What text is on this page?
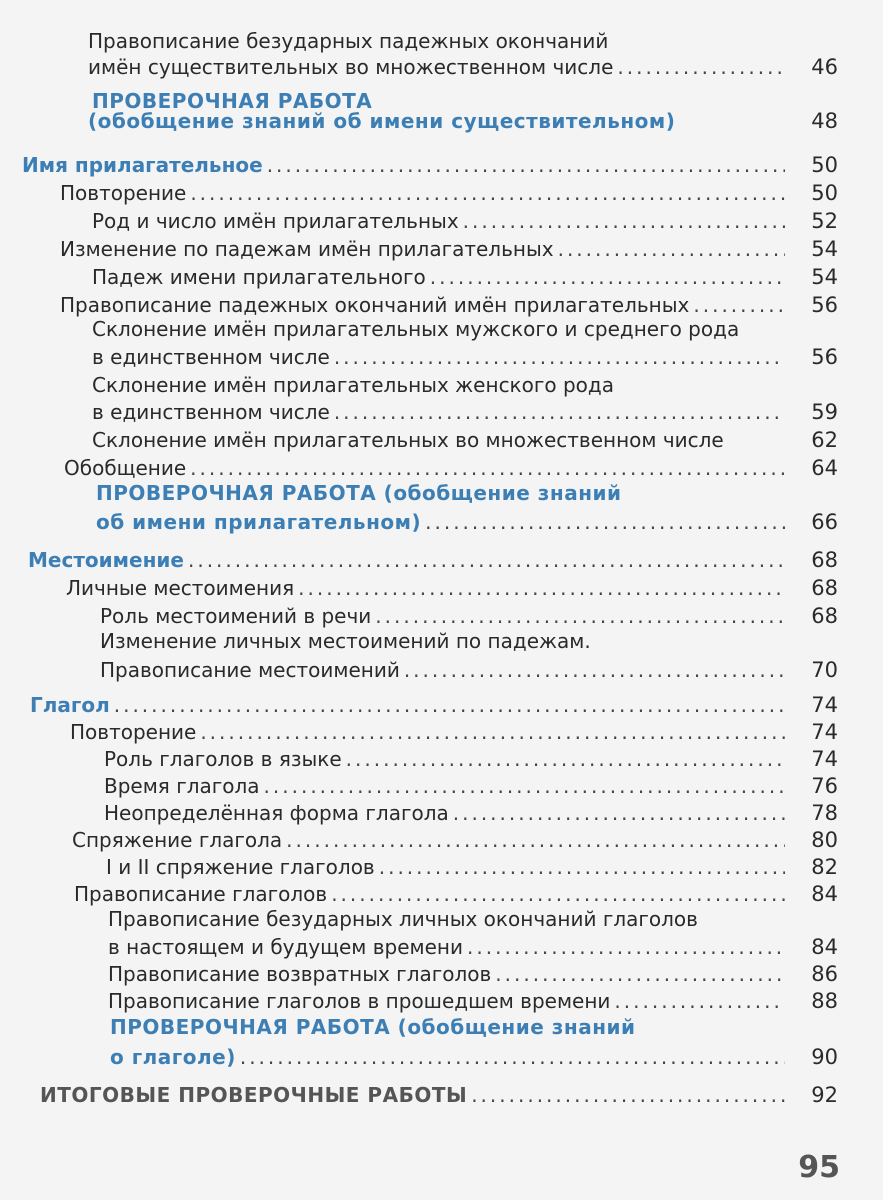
Правописание безударных падежных окончаний
имён существительных во множественном числе .....	46
ПРОВЕРОЧНАЯ РАБОТА
(обобщение знаний об имени существительном)	48
Имя прилагательное .....	50
Повторение .....	50
Род и число имён прилагательных .....	52
Изменение по падежам имён прилагательных .....	54
Падеж имени прилагательного .....	54
Правописание падежных окончаний имён прилагательных .....	56
Склонение имён прилагательных мужского и среднего рода
в единственном числе .....	56
Склонение имён прилагательных женского рода
в единственном числе .....	59
Склонение имён прилагательных во множественном числе	62
Обобщение .....	64
ПРОВЕРОЧНАЯ РАБОТА (обобщение знаний
об имени прилагательном) .....	66
Местоимение .....	68
Личные местоимения .....	68
Роль местоимений в речи .....	68
Изменение личных местоимений по падежам.
Правописание местоимений .....	70
Глагол .....	74
Повторение .....	74
Роль глаголов в языке .....	74
Время глагола .....	76
Неопределённая форма глагола .....	78
Спряжение глагола .....	80
I и II спряжение глаголов .....	82
Правописание глаголов .....	84
Правописание безударных личных окончаний глаголов
в настоящем и будущем времени .....	84
Правописание возвратных глаголов .....	86
Правописание глаголов в прошедшем времени .....	88
ПРОВЕРОЧНАЯ РАБОТА (обобщение знаний
о глаголе) .....	90
ИТОГОВЫЕ ПРОВЕРОЧНЫЕ РАБОТЫ .....	92
95
